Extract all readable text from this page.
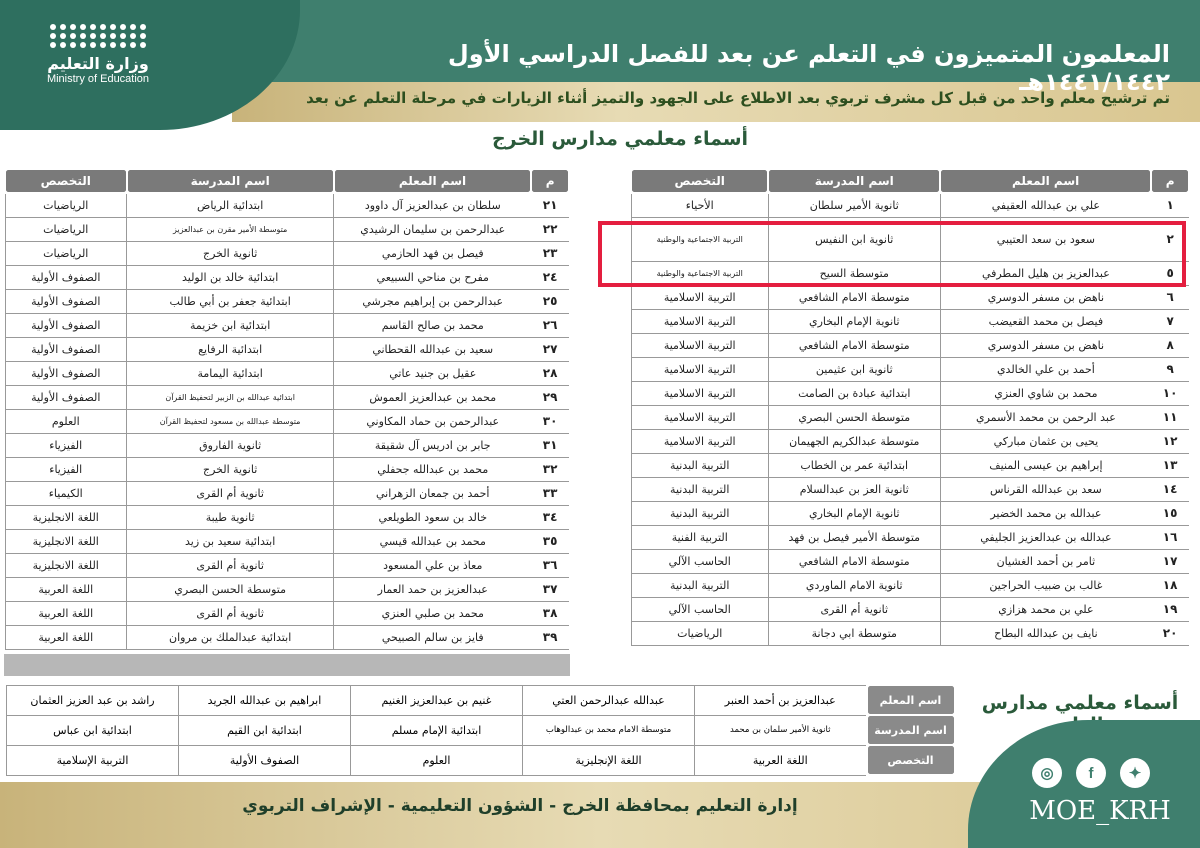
وزارة التعليم
Ministry of Education
المعلمون المتميزون في التعلم عن بعد للفصل الدراسي الأول ١٤٤١/١٤٤٢هـ
تم ترشيح معلم واحد من قبل كل مشرف تربوي بعد الاطلاع على الجهود والتميز أثناء الزيارات في مرحلة التعلم عن بعد
أسماء معلمي مدارس الخرج
م	اسم المعلم	اسم المدرسة	التخصص
١	علي بن عبدالله العقيفي	ثانوية الأمير سلطان	الأحياء
٢	سعود بن سعد العتيبي	ثانوية ابن النفيس	التربية الاجتماعية والوطنية
٥	عبدالعزيز بن هليل المطرفي	متوسطة السيح	التربية الاجتماعية والوطنية
٦	ناهض بن مسفر الدوسري	متوسطة الامام الشافعي	التربية الاسلامية
٧	فيصل بن محمد القعيضب	ثانوية الإمام البخاري	التربية الاسلامية
٨	ناهض بن مسفر الدوسري	متوسطة الامام الشافعي	التربية الاسلامية
٩	أحمد بن علي الخالدي	ثانوية ابن عثيمين	التربية الاسلامية
١٠	محمد بن شاوي العنزي	ابتدائية عبادة بن الصامت	التربية الاسلامية
١١	عبد الرحمن بن محمد الأسمري	متوسطة الحسن البصري	التربية الاسلامية
١٢	يحيى بن عثمان مباركي	متوسطة عبدالكريم الجهيمان	التربية الاسلامية
١٣	إبراهيم بن عيسى المنيف	ابتدائية عمر بن الخطاب	التربية البدنية
١٤	سعد بن عبدالله القرناس	ثانوية العز بن عبدالسلام	التربية البدنية
١٥	عبدالله بن محمد الخضير	ثانوية الإمام البخاري	التربية البدنية
١٦	عبدالله بن عبدالعزيز الجليفي	متوسطة الأمير فيصل بن فهد	التربية الفنية
١٧	ثامر بن أحمد الغشيان	متوسطة الامام الشافعي	الحاسب الآلي
١٨	غالب بن ضبيب الحراجين	ثانوية الامام الماوردي	التربية البدنية
١٩	علي بن محمد هزازي	ثانوية أم القرى	الحاسب الآلي
٢٠	نايف بن عبدالله البطاح	متوسطة ابي دجانة	الرياضيات
م	اسم المعلم	اسم المدرسة	التخصص
٢١	سلطان بن عبدالعزيز آل داوود	ابتدائية الرياض	الرياضيات
٢٢	عبدالرحمن بن سليمان الرشيدي	متوسطة الأمير مقرن بن عبدالعزيز	الرياضيات
٢٣	فيصل بن فهد الحازمي	ثانوية الخرج	الرياضيات
٢٤	مفرح بن مناحي السبيعي	ابتدائية خالد بن الوليد	الصفوف الأولية
٢٥	عبدالرحمن بن إبراهيم مجرشي	ابتدائية جعفر بن أبي طالب	الصفوف الأولية
٢٦	محمد بن صالح القاسم	ابتدائية ابن خزيمة	الصفوف الأولية
٢٧	سعيد بن عبدالله القحطاني	ابتدائية الرفايع	الصفوف الأولية
٢٨	عقيل بن جنيد عاتي	ابتدائية اليمامة	الصفوف الأولية
٢٩	محمد بن عبدالعزيز العموش	ابتدائية عبدالله بن الزبير لتحفيظ القرآن	الصفوف الأولية
٣٠	عبدالرحمن بن حماد المكاوني	متوسطة عبدالله بن مسعود لتحفيظ القرآن	العلوم
٣١	جابر بن ادريس آل شقيقة	ثانوية الفاروق	الفيزياء
٣٢	محمد بن عبدالله جحفلي	ثانوية الخرج	الفيزياء
٣٣	أحمد بن جمعان الزهراني	ثانوية أم القرى	الكيمياء
٣٤	خالد بن سعود الطويلعي	ثانوية طيبة	اللغة الانجليزية
٣٥	محمد بن عبدالله قيسي	ابتدائية سعيد بن زيد	اللغة الانجليزية
٣٦	معاذ بن علي المسعود	ثانوية أم القرى	اللغة الانجليزية
٣٧	عبدالعزيز بن حمد العمار	متوسطة الحسن البصري	اللغة العربية
٣٨	محمد بن صلبي العنزي	ثانوية أم القرى	اللغة العربية
٣٩	فايز بن سالم الصبيحي	ابتدائية عبدالملك بن مروان	اللغة العربية
أسماء معلمي مدارس
اسم المعلم	عبدالعزيز بن أحمد العنبر	عبدالله عبدالرحمن العتي	غنيم بن عبدالعزيز الغنيم	ابراهيم بن عبدالله الجريد	راشد بن عبد العزيز العثمان
اسم المدرسة	ثانوية الأمير سلمان بن محمد	متوسطة الامام محمد بن عبدالوهاب	ابتدائية الإمام مسلم	ابتدائية ابن القيم	ابتدائية ابن عباس
التخصص	اللغة العربية	اللغة الإنجليزية	العلوم	الصفوف الأولية	التربية الإسلامية
إدارة التعليم بمحافظة الخرج - الشؤون التعليمية - الإشراف التربوي
◎	f	✦
MOE_KRH
